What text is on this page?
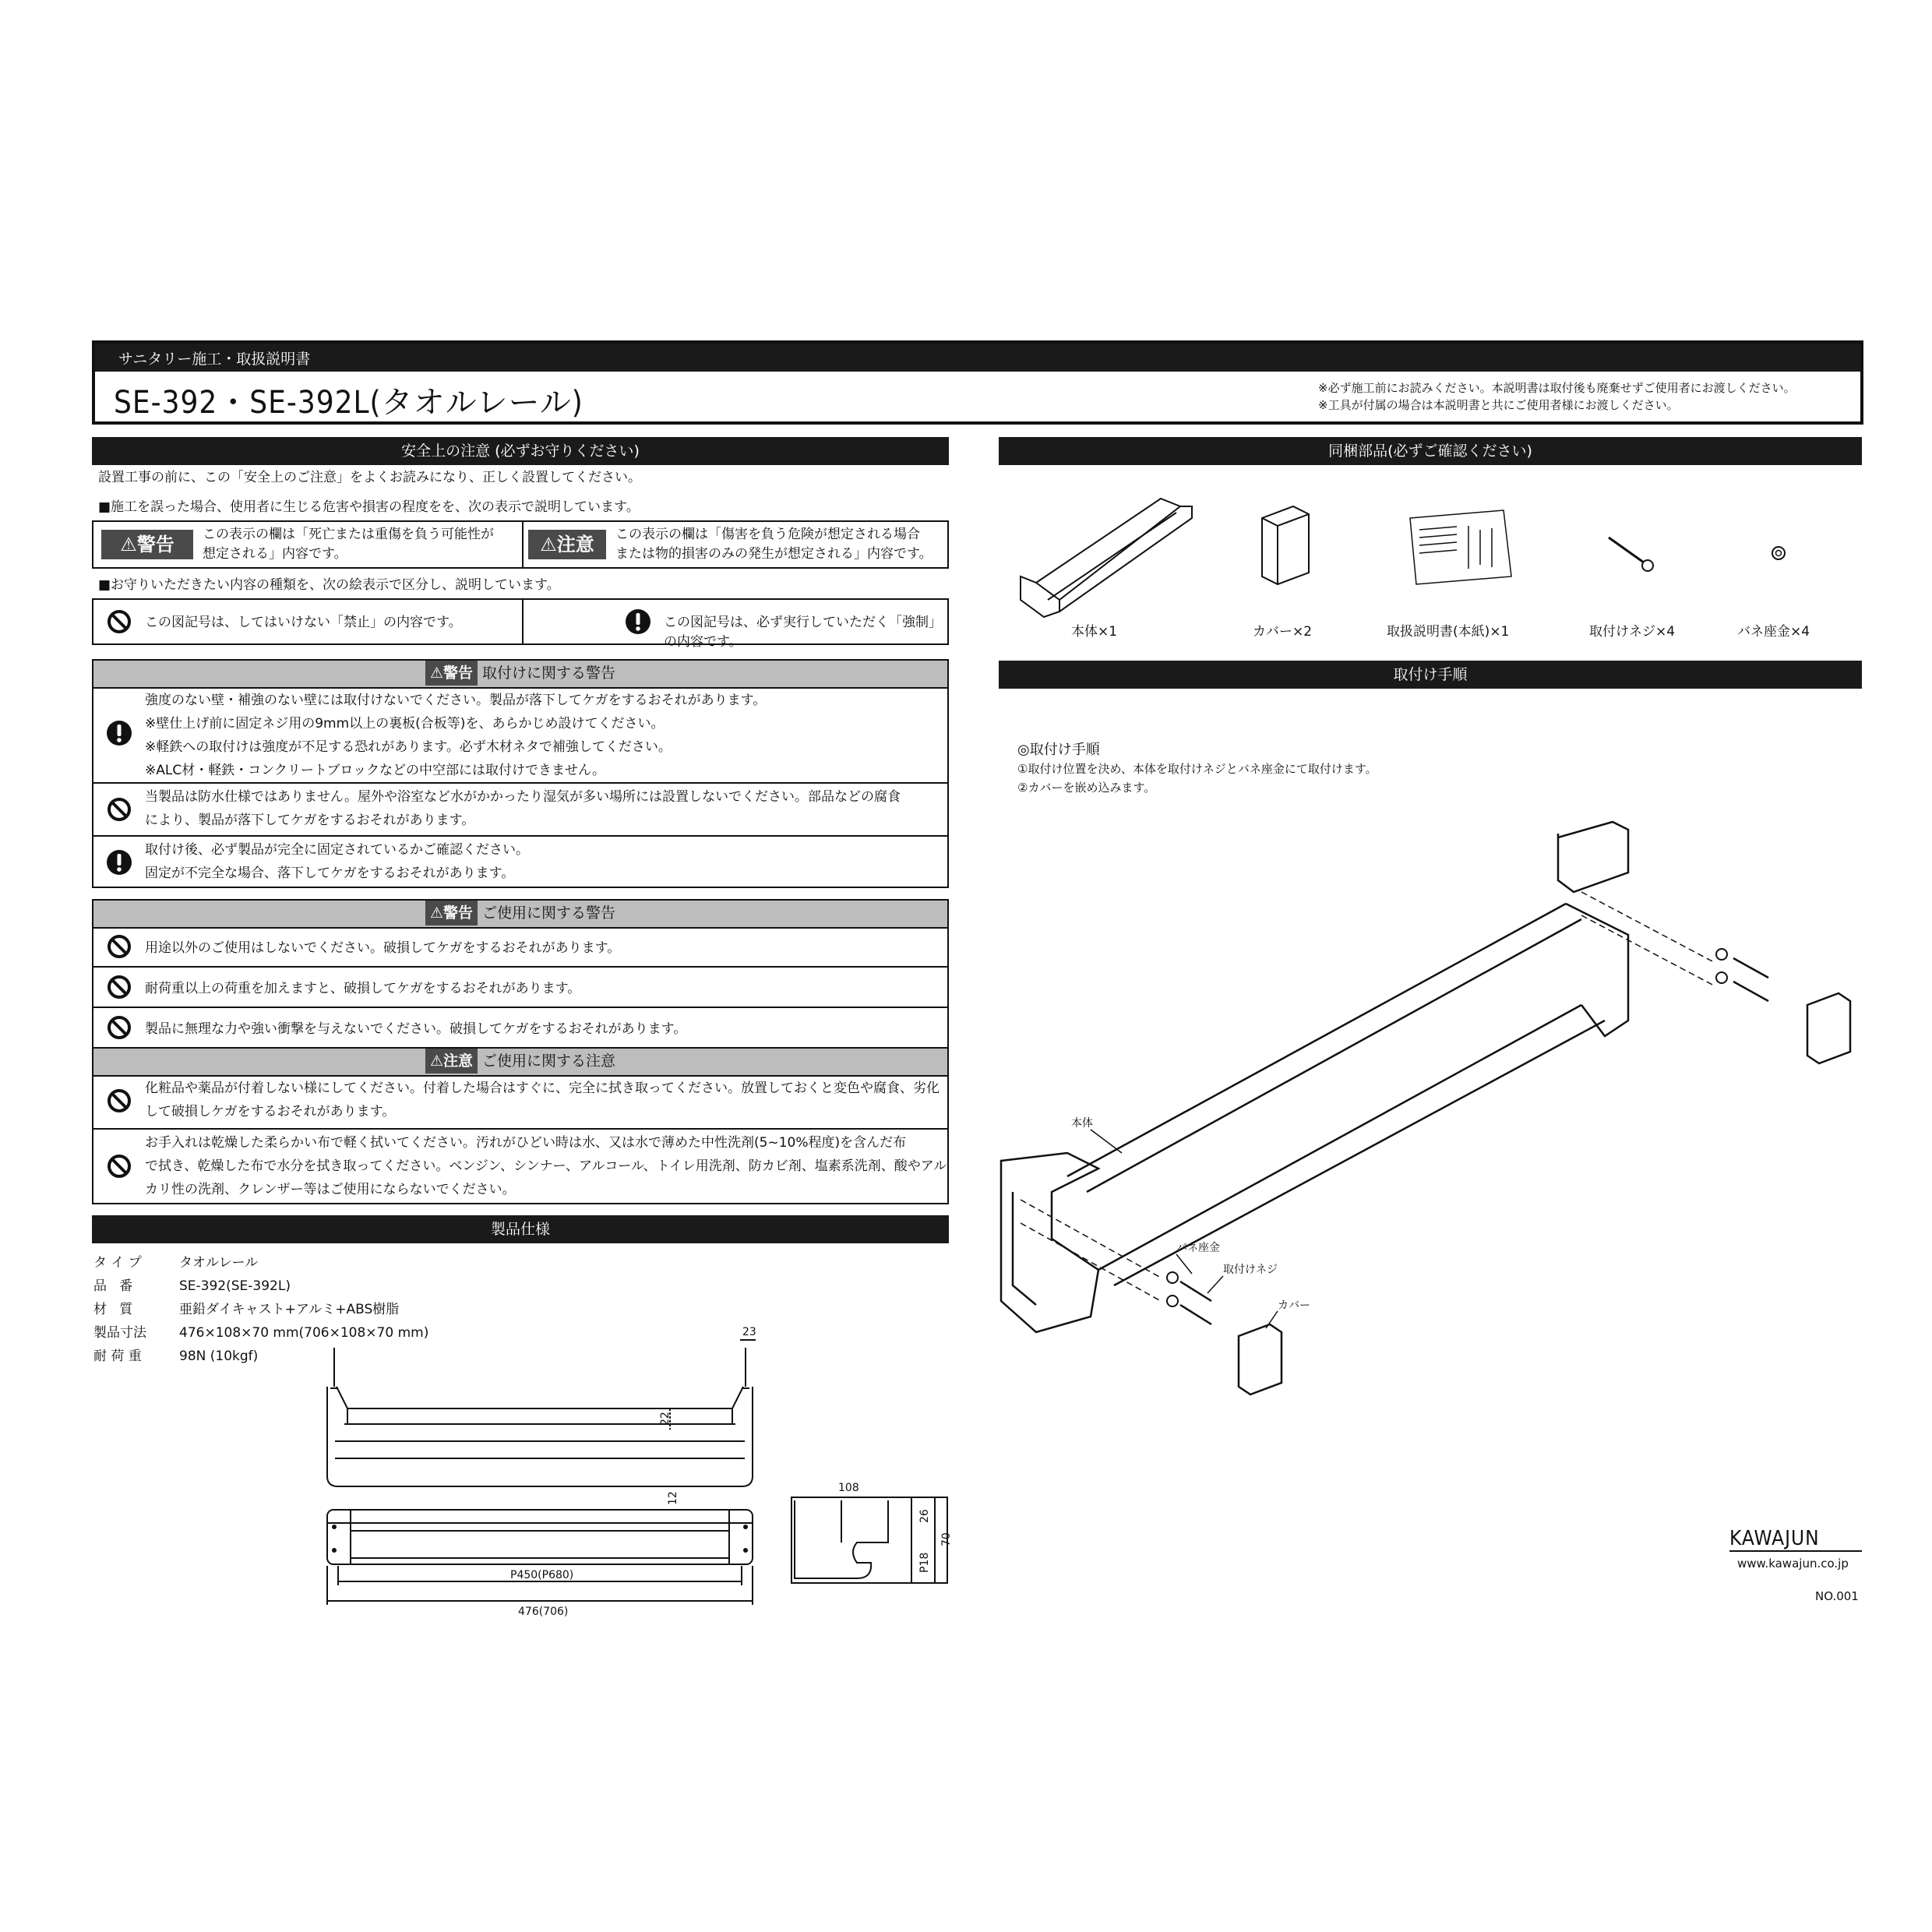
サニタリー施工・取扱説明書
SE-392・SE-392L(タオルレール)	※必ず施工前にお読みください。本説明書は取付後も廃棄せずご使用者にお渡しください。
※工具が付属の場合は本説明書と共にご使用者様にお渡しください。
安全上の注意 (必ずお守りください)
設置工事の前に、この「安全上のご注意」をよくお読みになり、正しく設置してください。
■施工を誤った場合、使用者に生じる危害や損害の程度をを、次の表示で説明しています。
⚠警告	この表示の欄は「死亡または重傷を負う可能性が
想定される」内容です。	⚠注意	この表示の欄は「傷害を負う危険が想定される場合
または物的損害のみの発生が想定される」内容です。
■お守りいただきたい内容の種類を、次の絵表示で区分し、説明しています。
この図記号は、してはいけない「禁止」の内容です。	この図記号は、必ず実行していただく「強制」の内容です。
⚠警告 取付けに関する警告
強度のない壁・補強のない壁には取付けないでください。製品が落下してケガをするおそれがあります。
※壁仕上げ前に固定ネジ用の9mm以上の裏板(合板等)を、あらかじめ設けてください。
※軽鉄への取付けは強度が不足する恐れがあります。必ず木材ネタで補強してください。
※ALC材・軽鉄・コンクリートブロックなどの中空部には取付けできません。
当製品は防水仕様ではありません。屋外や浴室など水がかかったり湿気が多い場所には設置しないでください。部品などの腐食
により、製品が落下してケガをするおそれがあります。
取付け後、必ず製品が完全に固定されているかご確認ください。
固定が不完全な場合、落下してケガをするおそれがあります。
⚠警告 ご使用に関する警告
用途以外のご使用はしないでください。破損してケガをするおそれがあります。
耐荷重以上の荷重を加えますと、破損してケガをするおそれがあります。
製品に無理な力や強い衝撃を与えないでください。破損してケガをするおそれがあります。
⚠注意 ご使用に関する注意
化粧品や薬品が付着しない様にしてください。付着した場合はすぐに、完全に拭き取ってください。放置しておくと変色や腐食、劣化
して破損しケガをするおそれがあります。
お手入れは乾燥した柔らかい布で軽く拭いてください。汚れがひどい時は水、又は水で薄めた中性洗剤(5~10%程度)を含んだ布
で拭き、乾燥した布で水分を拭き取ってください。ベンジン、シンナー、アルコール、トイレ用洗剤、防カビ剤、塩素系洗剤、酸やアル
カリ性の洗剤、クレンザー等はご使用にならないでください。
製品仕様
タ イ プ	タオルレール
品   番	SE-392(SE-392L)
材   質	亜鉛ダイキャスト+アルミ+ABS樹脂
製品寸法 476×108×70 mm(706×108×70 mm)
耐 荷 重	98N (10kgf)
23
22
12
P450(P680)
476(706)
108
26
70
P18
同梱部品(必ずご確認ください)
本体×1	カバー×2	取扱説明書(本紙)×1	取付けネジ×4	バネ座金×4
取付け手順
◎取付け手順
①取付け位置を決め、本体を取付けネジとバネ座金にて取付けます。
②カバーを嵌め込みます。
本体
バネ座金
取付けネジ
カバー
KAWAJUN
www.kawajun.co.jp
NO.001
